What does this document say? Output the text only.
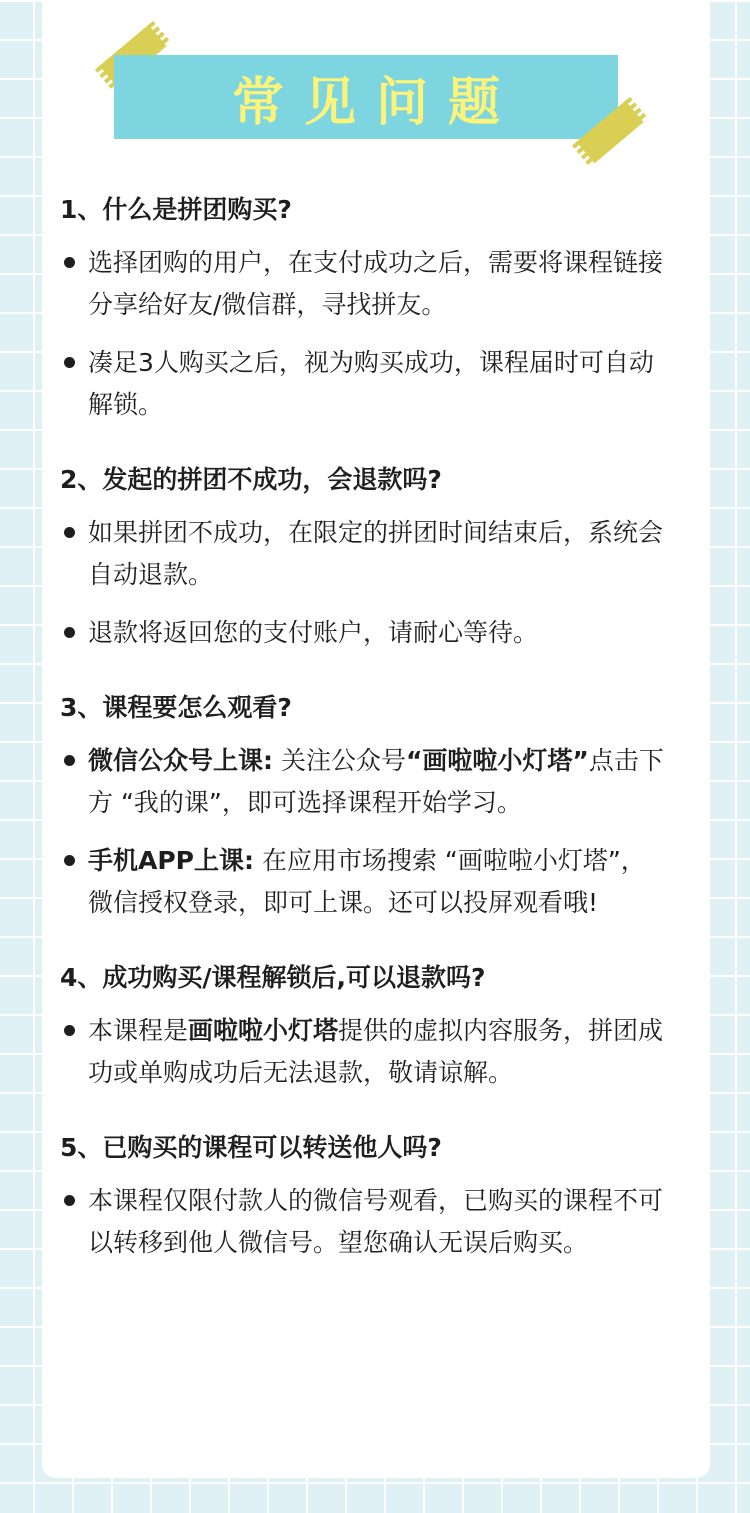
常见问题
1、什么是拼团购买?
选择团购的用户，在支付成功之后，需要将课程链接分享给好友/微信群，寻找拼友。
凑足3人购买之后，视为购买成功，课程届时可自动解锁。
2、发起的拼团不成功，会退款吗?
如果拼团不成功，在限定的拼团时间结束后，系统会自动退款。
退款将返回您的支付账户，请耐心等待。
3、课程要怎么观看?
微信公众号上课: 关注公众号“画啦啦小灯塔”点击下方 “我的课”，即可选择课程开始学习。
手机APP上课: 在应用市场搜索 “画啦啦小灯塔”，微信授权登录，即可上课。还可以投屏观看哦!
4、成功购买/课程解锁后,可以退款吗?
本课程是画啦啦小灯塔提供的虚拟内容服务，拼团成功或单购成功后无法退款，敬请谅解。
5、已购买的课程可以转送他人吗?
本课程仅限付款人的微信号观看，已购买的课程不可以转移到他人微信号。望您确认无误后购买。
